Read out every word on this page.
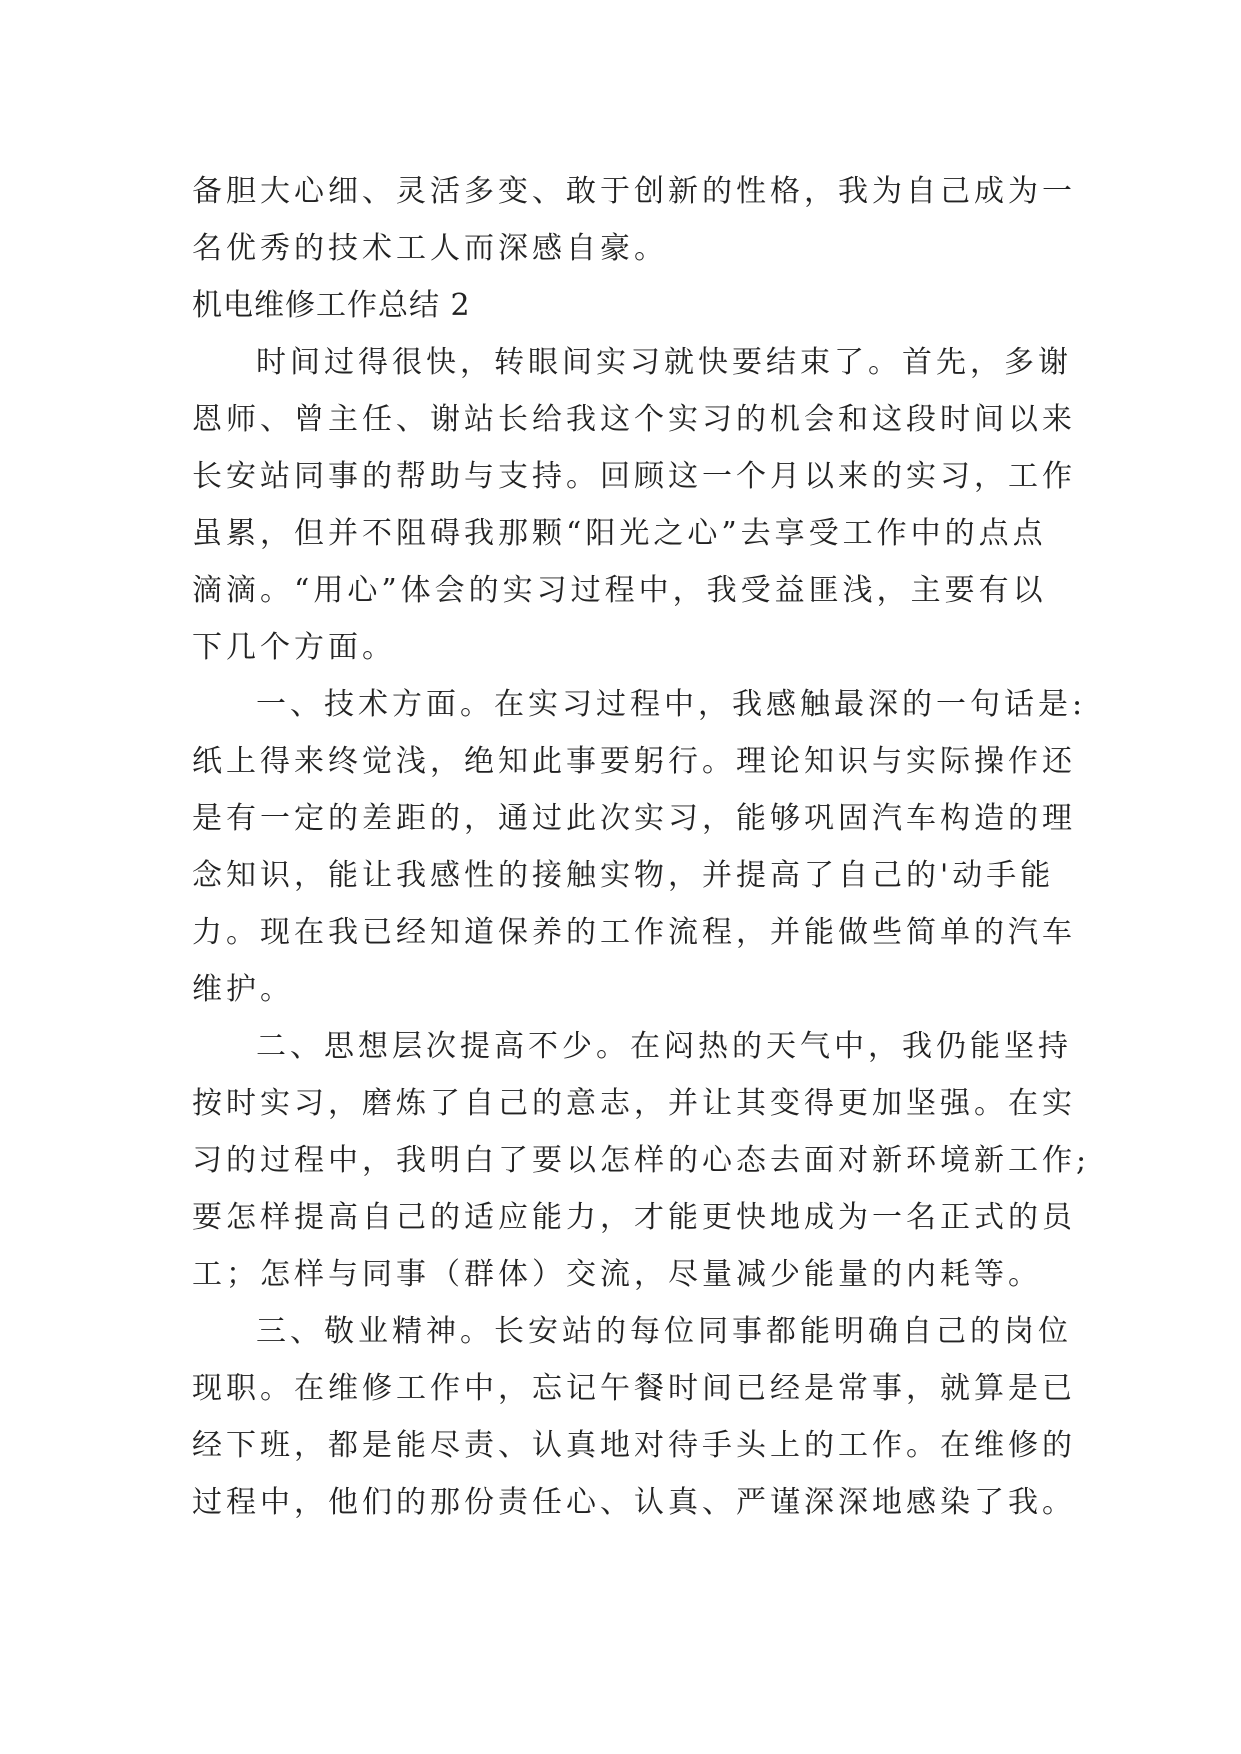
备胆大心细、灵活多变、敢于创新的性格，我为自己成为一
名优秀的技术工人而深感自豪。
机电维修工作总结 2
时间过得很快，转眼间实习就快要结束了。首先，多谢
恩师、曾主任、谢站长给我这个实习的机会和这段时间以来
长安站同事的帮助与支持。回顾这一个月以来的实习，工作
虽累，但并不阻碍我那颗“阳光之心”去享受工作中的点点
滴滴。“用心”体会的实习过程中，我受益匪浅，主要有以
下几个方面。
一、技术方面。在实习过程中，我感触最深的一句话是:
纸上得来终觉浅，绝知此事要躬行。理论知识与实际操作还
是有一定的差距的，通过此次实习，能够巩固汽车构造的理
念知识，能让我感性的接触实物，并提高了自己的'动手能
力。现在我已经知道保养的工作流程，并能做些简单的汽车
维护。
二、思想层次提高不少。在闷热的天气中，我仍能坚持
按时实习，磨炼了自己的意志，并让其变得更加坚强。在实
习的过程中，我明白了要以怎样的心态去面对新环境新工作;
要怎样提高自己的适应能力，才能更快地成为一名正式的员
工；怎样与同事（群体）交流，尽量减少能量的内耗等。
三、敬业精神。长安站的每位同事都能明确自己的岗位
现职。在维修工作中，忘记午餐时间已经是常事，就算是已
经下班，都是能尽责、认真地对待手头上的工作。在维修的
过程中，他们的那份责任心、认真、严谨深深地感染了我。
